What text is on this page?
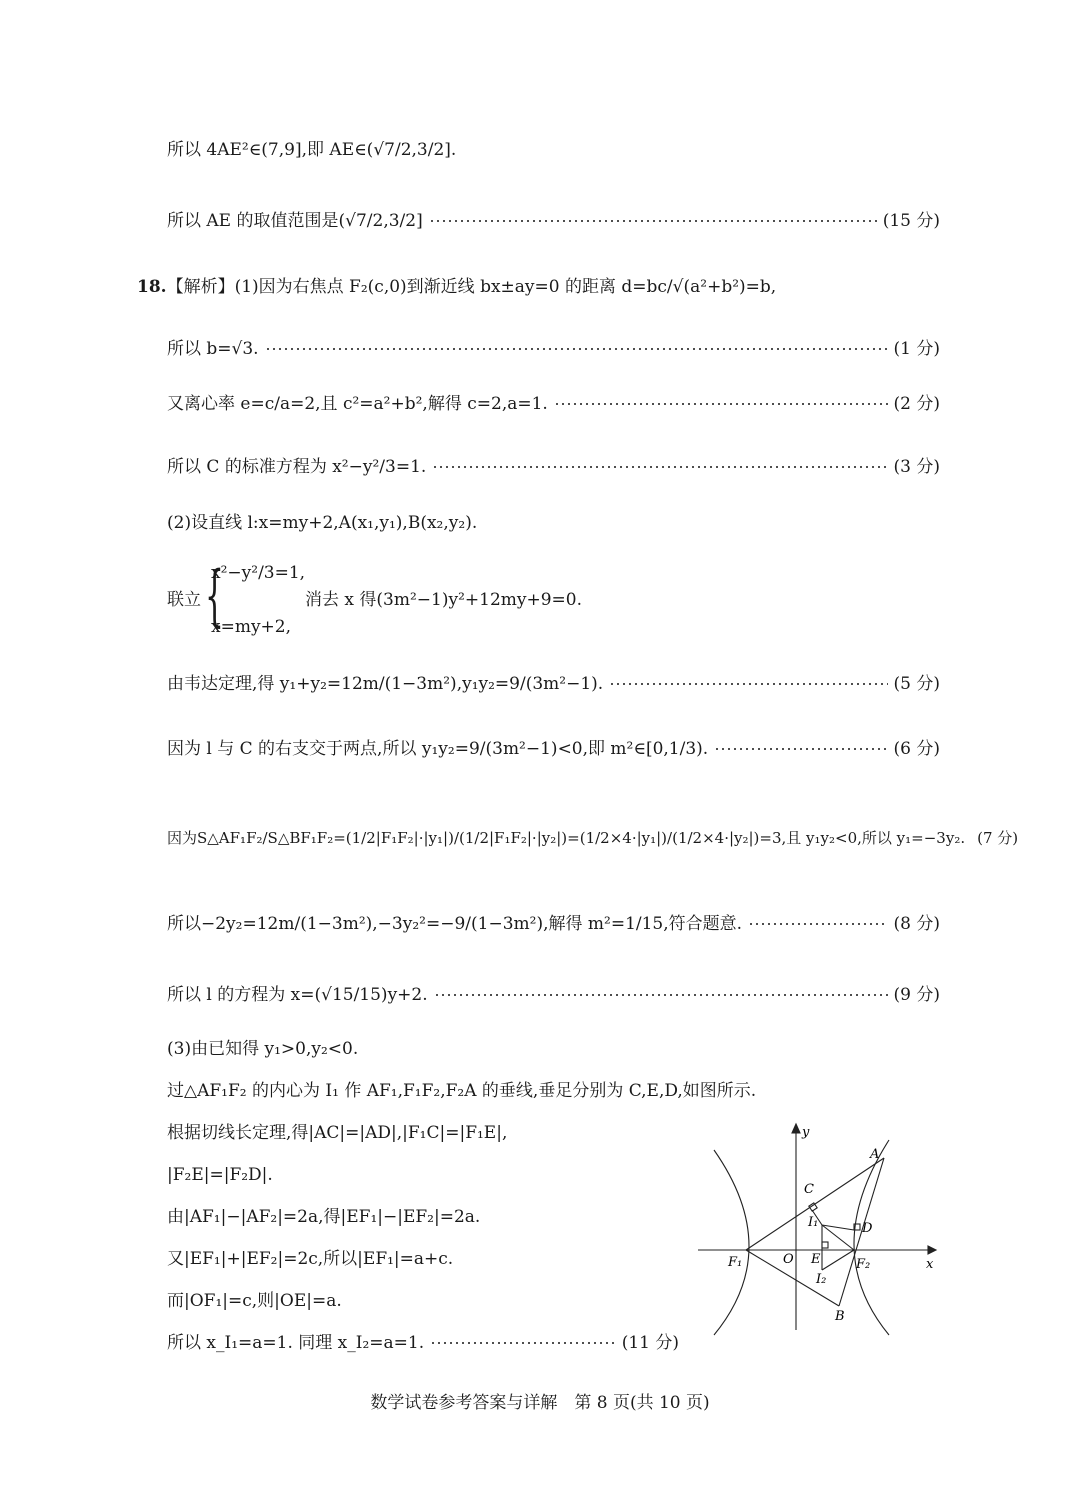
所以 4AE²∈(7,9],即 AE∈(√7/2,3/2].
所以 AE 的取值范围是(√7/2,3/2]	(15 分)
18.【解析】(1)因为右焦点 F₂(c,0)到渐近线 bx±ay=0 的距离 d=bc/√(a²+b²)=b,
所以 b=√3.	(1 分)
又离心率 e=c/a=2,且 c²=a²+b²,解得 c=2,a=1.	(2 分)
所以 C 的标准方程为 x²−y²/3=1.	(3 分)
(2)设直线 l:x=my+2,A(x₁,y₁),B(x₂,y₂).
联立 {
x²−y²/3=1,
x=my+2,
消去 x 得(3m²−1)y²+12my+9=0.
由韦达定理,得 y₁+y₂=12m/(1−3m²),y₁y₂=9/(3m²−1).	(5 分)
因为 l 与 C 的右支交于两点,所以 y₁y₂=9/(3m²−1)<0,即 m²∈[0,1/3).	(6 分)
因为S△AF₁F₂/S△BF₁F₂=(1/2|F₁F₂|·|y₁|)/(1/2|F₁F₂|·|y₂|)=(1/2×4·|y₁|)/(1/2×4·|y₂|)=3,且 y₁y₂<0,所以 y₁=−3y₂. (7 分)
所以−2y₂=12m/(1−3m²),−3y₂²=−9/(1−3m²),解得 m²=1/15,符合题意.	(8 分)
所以 l 的方程为 x=(√15/15)y+2.	(9 分)
(3)由已知得 y₁>0,y₂<0.
过△AF₁F₂ 的内心为 I₁ 作 AF₁,F₁F₂,F₂A 的垂线,垂足分别为 C,E,D,如图所示.
根据切线长定理,得|AC|=|AD|,|F₁C|=|F₁E|,
|F₂E|=|F₂D|.
由|AF₁|−|AF₂|=2a,得|EF₁|−|EF₂|=2a.
又|EF₁|+|EF₂|=2c,所以|EF₁|=a+c.
而|OF₁|=c,则|OE|=a.
所以 x_I₁=a=1. 同理 x_I₂=a=1.	(11 分)
y
x
A
B
C
D
E
O
F₁	F₂
I₁
I₂
数学试卷参考答案与详解　第 8 页(共 10 页)
